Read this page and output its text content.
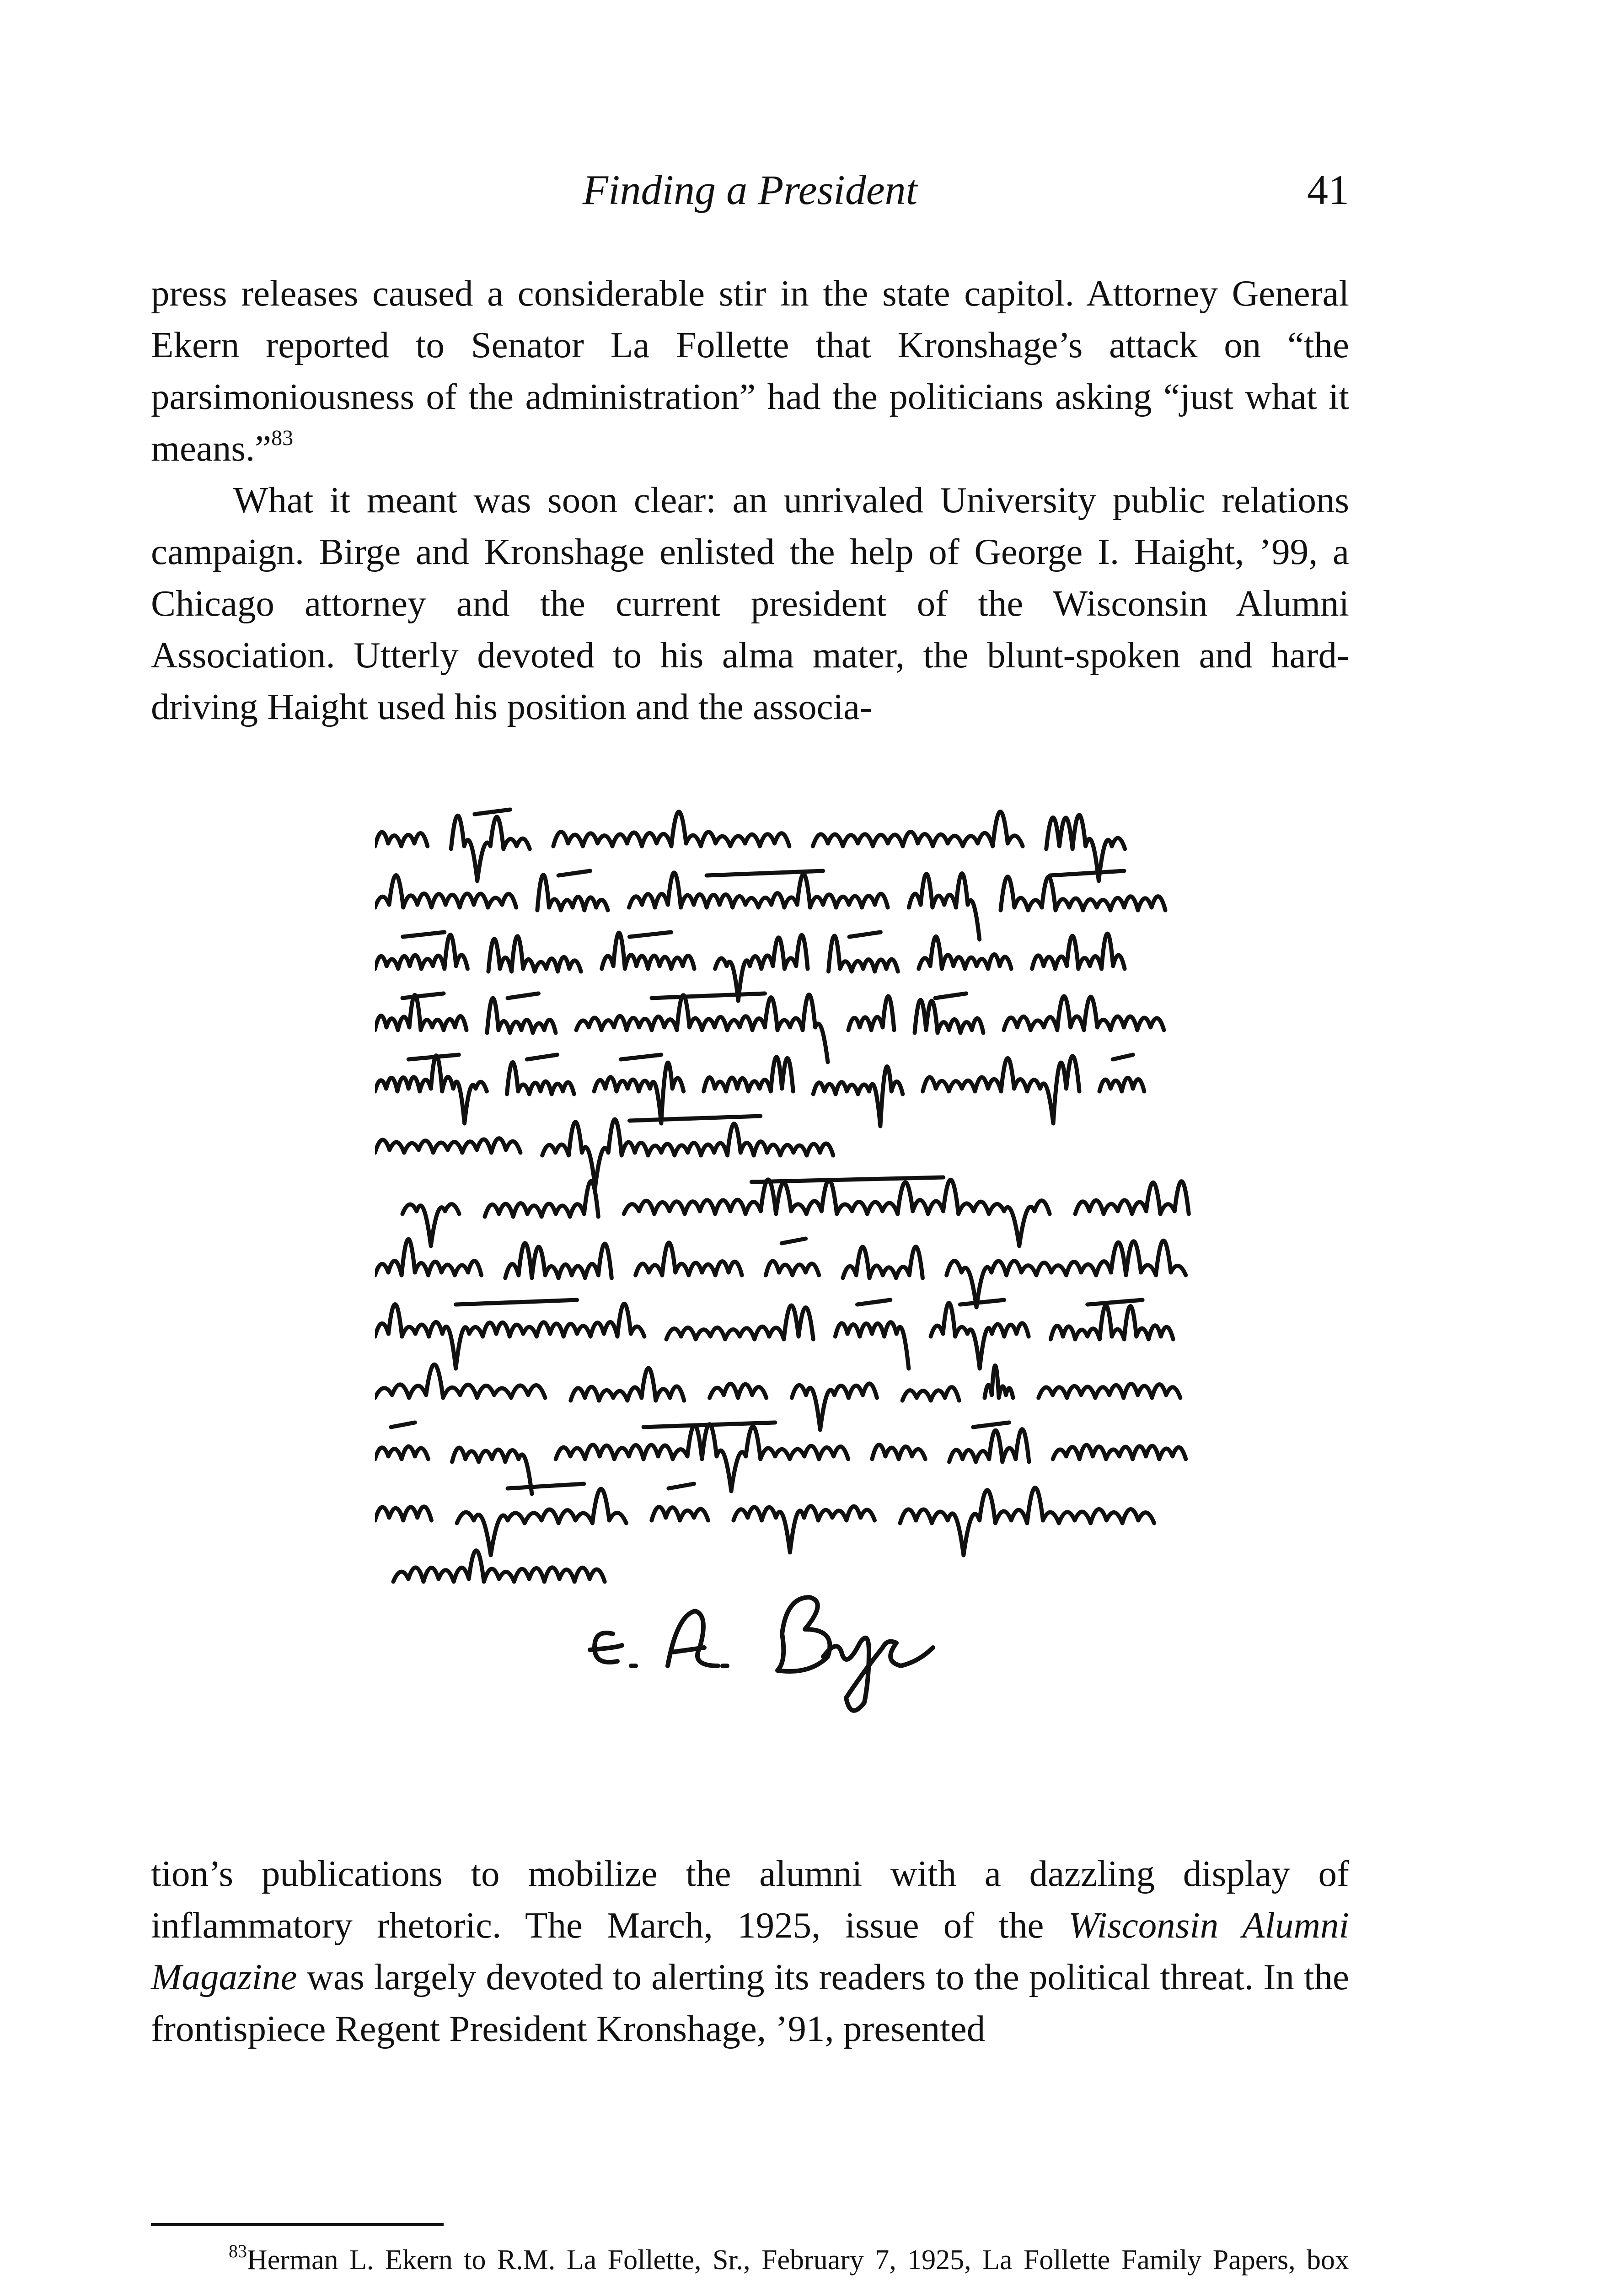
Finding a President	41

press releases caused a considerable stir in the state capitol. Attorney General Ekern reported to Senator La Follette that Kronshage’s attack on “the parsimoniousness of the administration” had the politicians asking “just what it means.”$^{83}$

What it meant was soon clear: an unrivaled University public relations campaign. Birge and Kronshage enlisted the help of George I. Haight, ’99, a Chicago attorney and the current president of the Wisconsin Alumni Association. Utterly devoted to his alma mater, the blunt-spoken and hard-driving Haight used his position and the associa-

tion’s publications to mobilize the alumni with a dazzling display of inflammatory rhetoric. The March, 1925, issue of the Wisconsin Alumni Magazine was largely devoted to alerting its readers to the political threat. In the frontispiece Regent President Kronshage, ’91, presented

$^{83}$Herman L. Ekern to R.M. La Follette, Sr., February 7, 1925, La Follette Family Papers, box
